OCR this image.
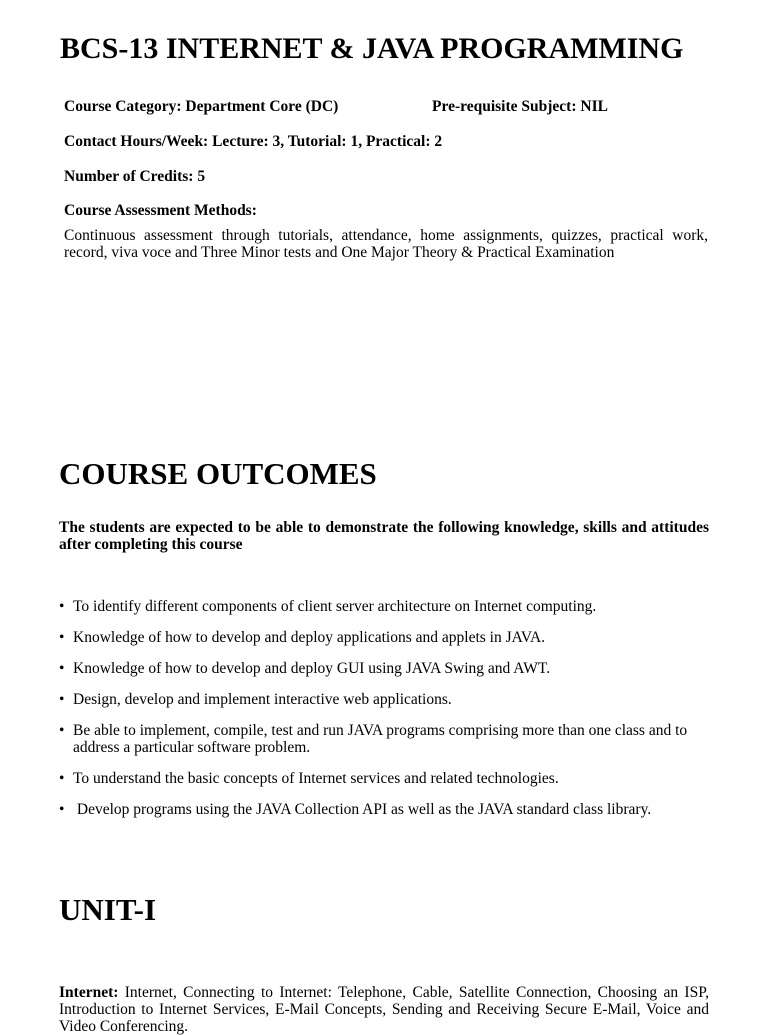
BCS-13 INTERNET & JAVA PROGRAMMING

Course Category: Department Core (DC)	Pre-requisite Subject: NIL

Contact Hours/Week: Lecture: 3, Tutorial: 1, Practical: 2

Number of Credits: 5

Course Assessment Methods:

Continuous assessment through tutorials, attendance, home assignments, quizzes, practical work, record, viva voce and Three Minor tests and One Major Theory & Practical Examination

COURSE OUTCOMES

The students are expected to be able to demonstrate the following knowledge, skills and attitudes after completing this course

• To identify different components of client server architecture on Internet computing.
• Knowledge of how to develop and deploy applications and applets in JAVA.
• Knowledge of how to develop and deploy GUI using JAVA Swing and AWT.
• Design, develop and implement interactive web applications.
• Be able to implement, compile, test and run JAVA programs comprising more than one class and to address a particular software problem.
• To understand the basic concepts of Internet services and related technologies.
• Develop programs using the JAVA Collection API as well as the JAVA standard class library.
UNIT-I

Internet: Internet, Connecting to Internet: Telephone, Cable, Satellite Connection, Choosing an ISP, Introduction to Internet Services, E-Mail Concepts, Sending and Receiving Secure E-Mail, Voice and Video Conferencing.
